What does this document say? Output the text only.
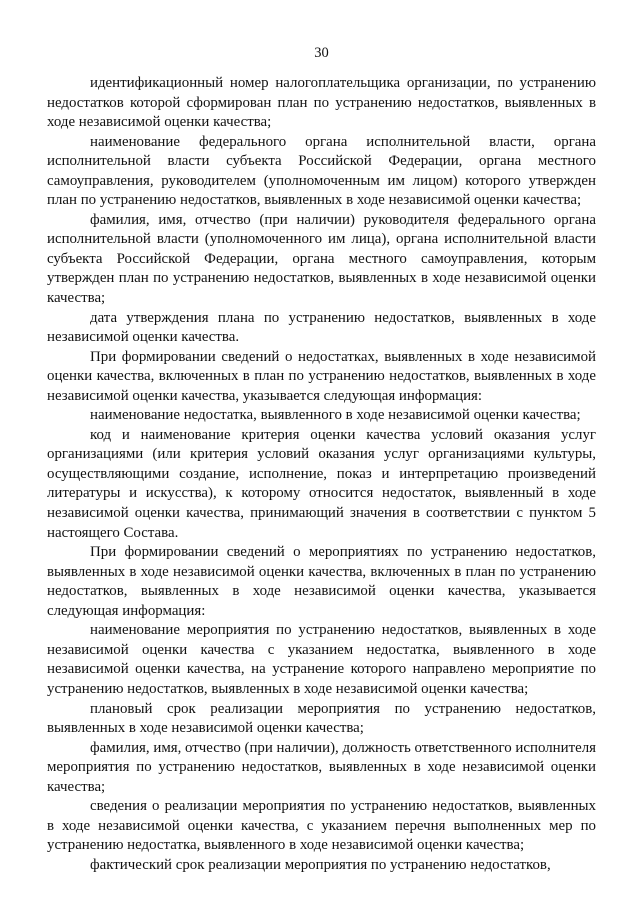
30

идентификационный номер налогоплательщика организации, по устранению недостатков которой сформирован план по устранению недостатков, выявленных в ходе независимой оценки качества;

наименование федерального органа исполнительной власти, органа исполнительной власти субъекта Российской Федерации, органа местного самоуправления, руководителем (уполномоченным им лицом) которого утвержден план по устранению недостатков, выявленных в ходе независимой оценки качества;

фамилия, имя, отчество (при наличии) руководителя федерального органа исполнительной власти (уполномоченного им лица), органа исполнительной власти субъекта Российской Федерации, органа местного самоуправления, которым утвержден план по устранению недостатков, выявленных в ходе независимой оценки качества;

дата утверждения плана по устранению недостатков, выявленных в ходе независимой оценки качества.

При формировании сведений о недостатках, выявленных в ходе независимой оценки качества, включенных в план по устранению недостатков, выявленных в ходе независимой оценки качества, указывается следующая информация:

наименование недостатка, выявленного в ходе независимой оценки качества;

код и наименование критерия оценки качества условий оказания услуг организациями (или критерия условий оказания услуг организациями культуры, осуществляющими создание, исполнение, показ и интерпретацию произведений литературы и искусства), к которому относится недостаток, выявленный в ходе независимой оценки качества, принимающий значения в соответствии с пунктом 5 настоящего Состава.

При формировании сведений о мероприятиях по устранению недостатков, выявленных в ходе независимой оценки качества, включенных в план по устранению недостатков, выявленных в ходе независимой оценки качества, указывается следующая информация:

наименование мероприятия по устранению недостатков, выявленных в ходе независимой оценки качества с указанием недостатка, выявленного в ходе независимой оценки качества, на устранение которого направлено мероприятие по устранению недостатков, выявленных в ходе независимой оценки качества;

плановый срок реализации мероприятия по устранению недостатков, выявленных в ходе независимой оценки качества;

фамилия, имя, отчество (при наличии), должность ответственного исполнителя мероприятия по устранению недостатков, выявленных в ходе независимой оценки качества;

сведения о реализации мероприятия по устранению недостатков, выявленных в ходе независимой оценки качества, с указанием перечня выполненных мер по устранению недостатка, выявленного в ходе независимой оценки качества;

фактический срок реализации мероприятия по устранению недостатков,
